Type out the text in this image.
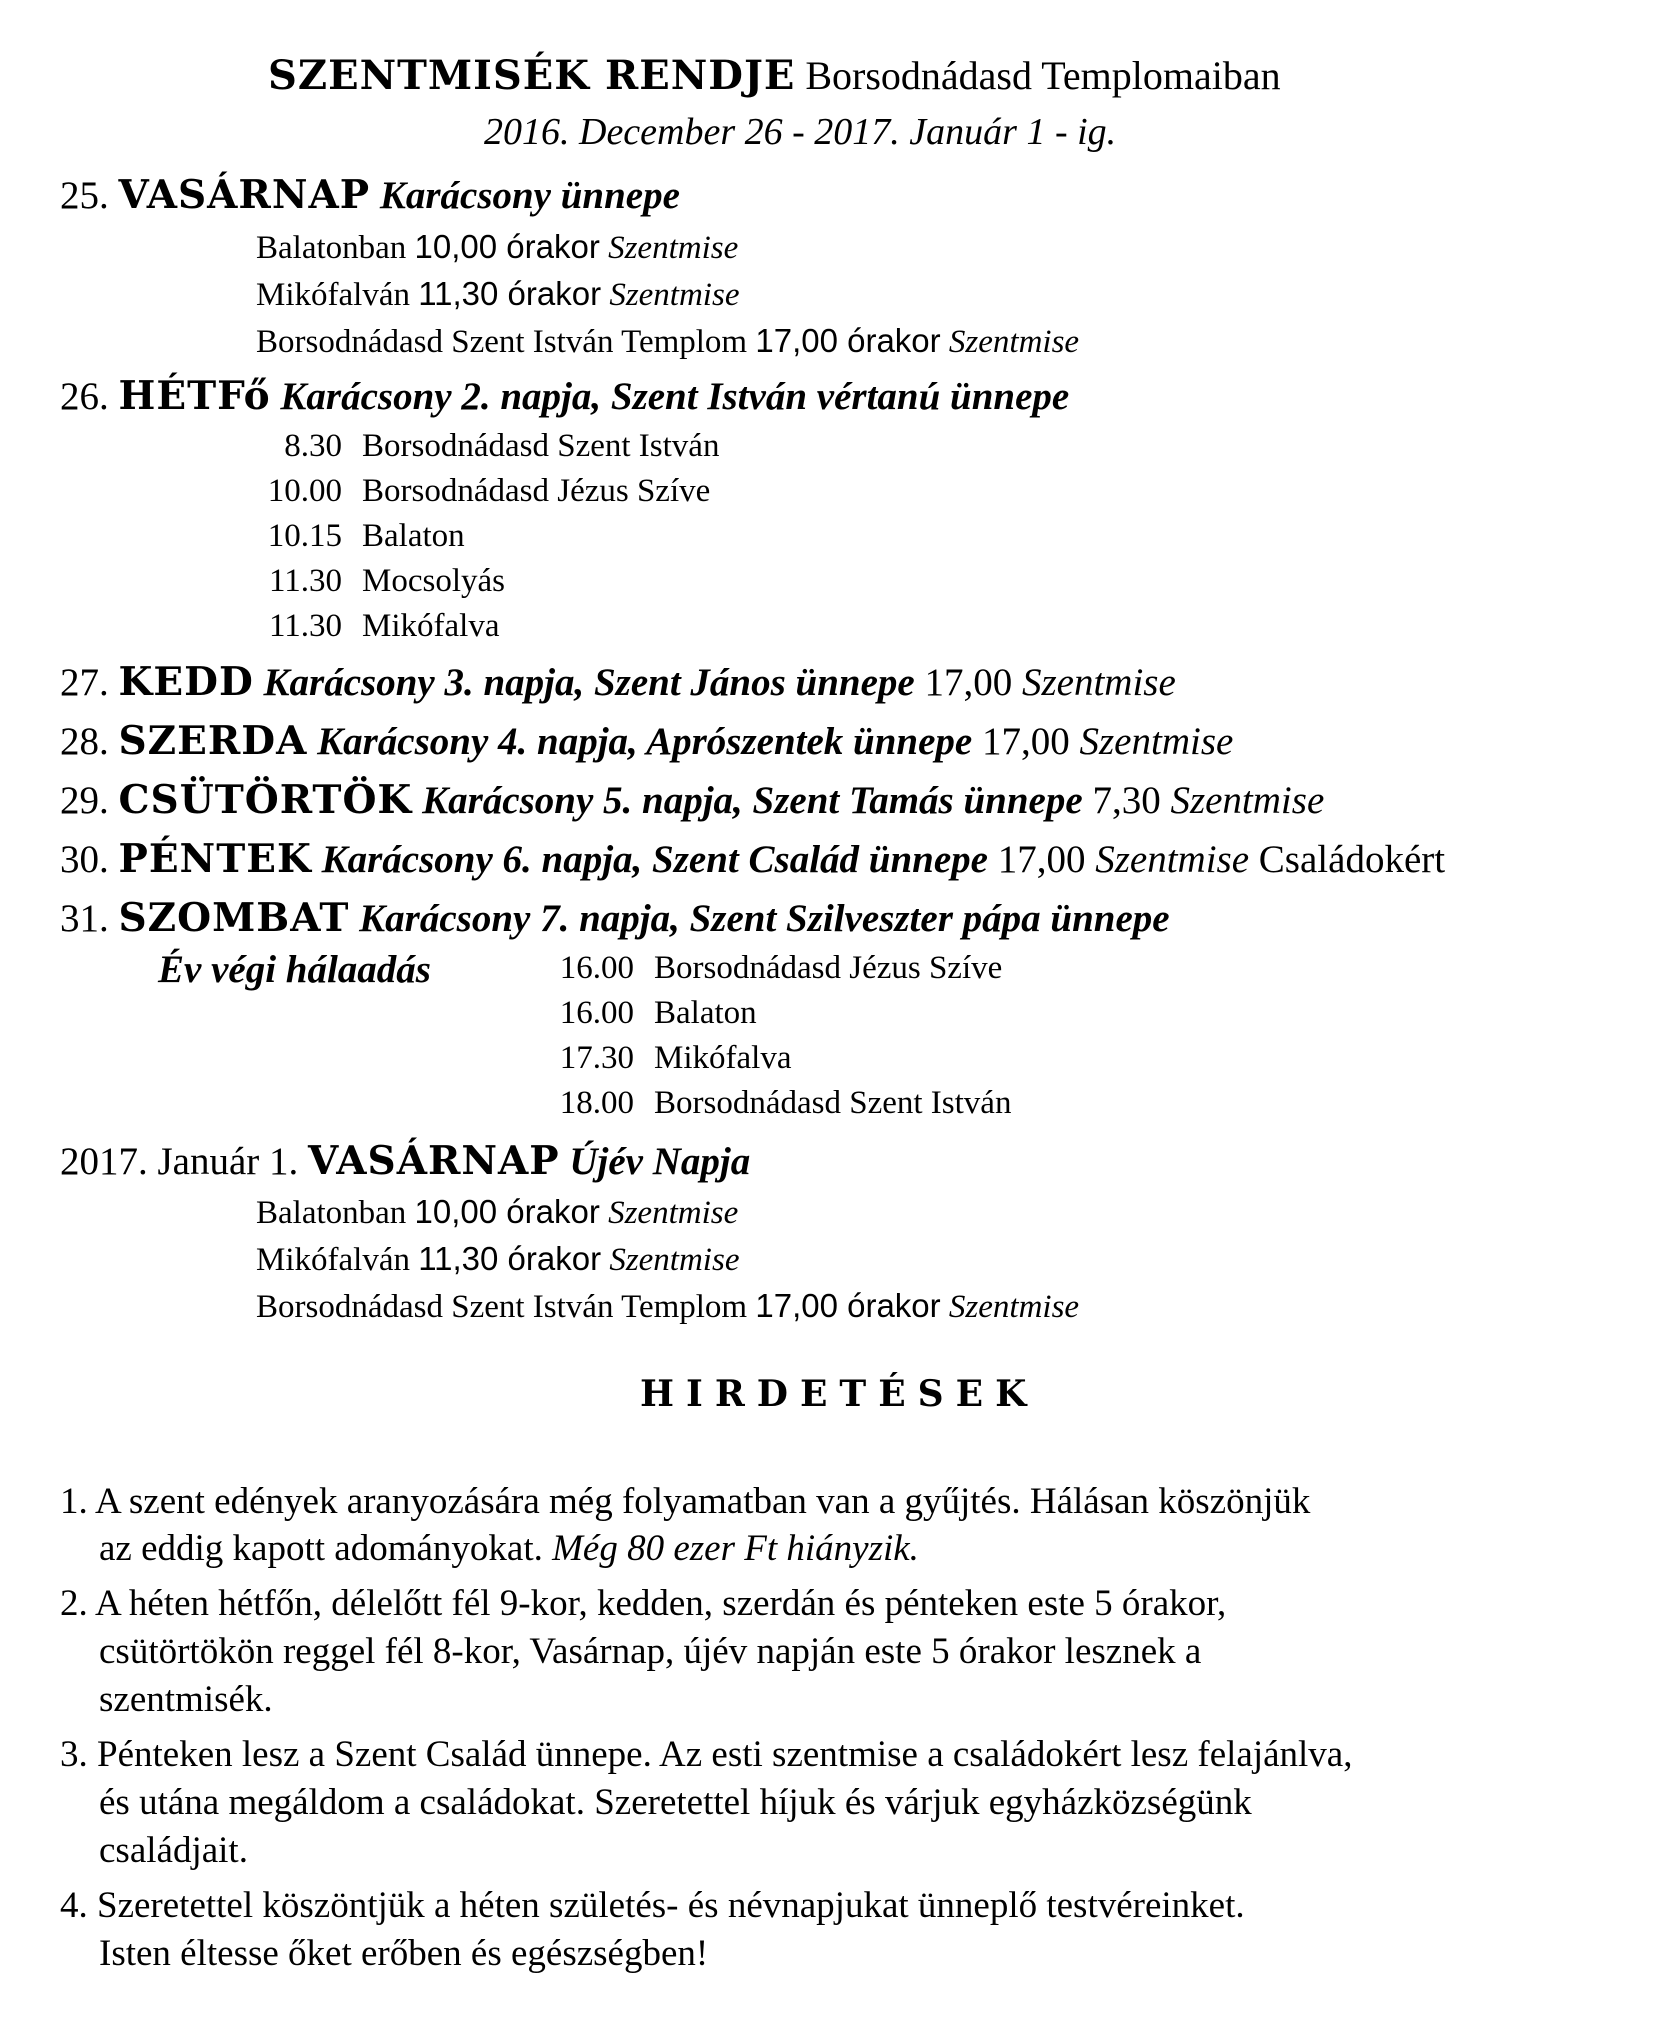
SZENTMISÉK RENDJE Borsodnádasd Templomaiban
2016. December 26 - 2017. Január 1 - ig.
25. VASÁRNAP Karácsony ünnepe
Balatonban 10,00 órakor Szentmise
Mikófalván 11,30 órakor Szentmise
Borsodnádasd Szent István Templom 17,00 órakor Szentmise
26. HÉTFő Karácsony 2. napja, Szent István vértanú ünnepe
8.30 Borsodnádasd Szent István
10.00 Borsodnádasd Jézus Szíve
10.15 Balaton
11.30 Mocsolyás
11.30 Mikófalva
27. KEDD Karácsony 3. napja, Szent János ünnepe 17,00 Szentmise
28. SZERDA Karácsony 4. napja, Aprószentek ünnepe 17,00 Szentmise
29. CSÜTÖRTÖK Karácsony 5. napja, Szent Tamás ünnepe 7,30 Szentmise
30. PÉNTEK Karácsony 6. napja, Szent Család ünnepe 17,00 Szentmise Családokért
31. SZOMBAT Karácsony 7. napja, Szent Szilveszter pápa ünnepe
Év végi hálaadás	16.00 Borsodnádasd Jézus Szíve
16.00 Balaton
17.30 Mikófalva
18.00 Borsodnádasd Szent István
2017. Január 1. VASÁRNAP Újév Napja
Balatonban 10,00 órakor Szentmise
Mikófalván 11,30 órakor Szentmise
Borsodnádasd Szent István Templom 17,00 órakor Szentmise
HIRDETÉSEK
1. A szent edények aranyozására még folyamatban van a gyűjtés. Hálásan köszönjük
az eddig kapott adományokat. Még 80 ezer Ft hiányzik.
2. A héten hétfőn, délelőtt fél 9-kor, kedden, szerdán és pénteken este 5 órakor,
csütörtökön reggel fél 8-kor, Vasárnap, újév napján este 5 órakor lesznek a
szentmisék.
3. Pénteken lesz a Szent Család ünnepe. Az esti szentmise a családokért lesz felajánlva,
és utána megáldom a családokat. Szeretettel híjuk és várjuk egyházközségünk
családjait.
4. Szeretettel köszöntjük a héten születés- és névnapjukat ünneplő testvéreinket.
Isten éltesse őket erőben és egészségben!
